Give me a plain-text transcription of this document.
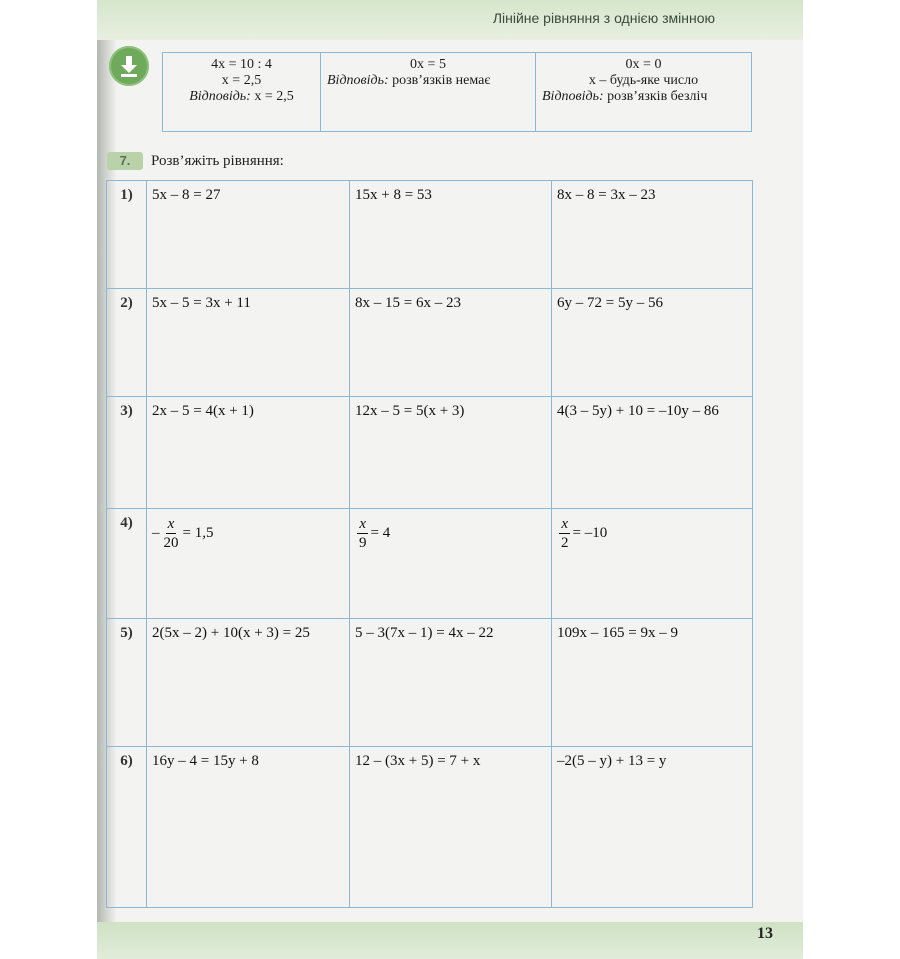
Лінійне рівняння з однією змінною
4x = 10 : 4
x = 2,5
Відповідь: x = 2,5

0x = 5
Відповідь: розв’язків немає

0x = 0
x – будь-яке число
Відповідь: розв’язків безліч
7.	Розв’яжіть рівняння:
1)	5x – 8 = 27	15x + 8 = 53	8x – 8 = 3x – 23
2)	5x – 5 = 3x + 11	8x – 15 = 6x – 23	6y – 72 = 5y – 56
3)	2x – 5 = 4(x + 1)	12x – 5 = 5(x + 3)	4(3 – 5y) + 10 = –10y – 86
4)	– $\frac{x}{20} = 1,5$	$\frac{x}{9} = 4$	$\frac{x}{2} = -10$

5)	2(5x – 2) + 10(x + 3) = 25	5 – 3(7x – 1) = 4x – 22	109x – 165 = 9x – 9
6)	16y – 4 = 15y + 8	12 – (3x + 5) = 7 + x	–2(5 – y) + 13 = y
13
